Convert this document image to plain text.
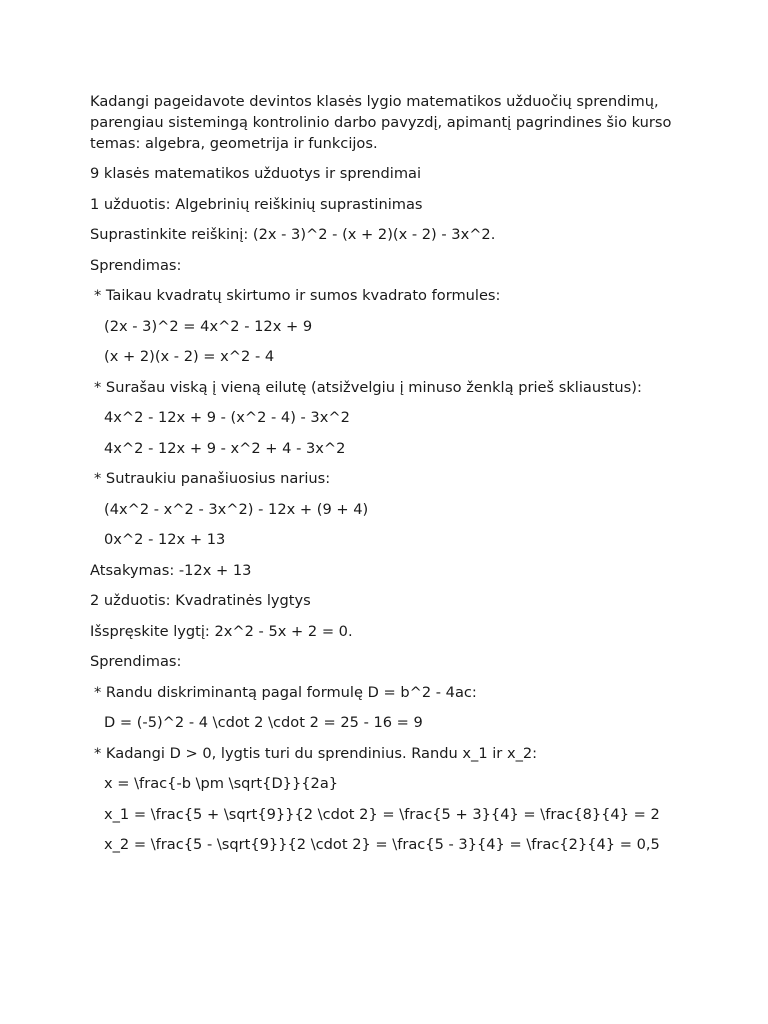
Kadangi pageidavote devintos klasės lygio matematikos užduočių sprendimų, parengiau sistemingą kontrolinio darbo pavyzdį, apimantį pagrindines šio kurso temas: algebra, geometrija ir funkcijos.

9 klasės matematikos užduotys ir sprendimai

1 užduotis: Algebrinių reiškinių suprastinimas

Suprastinkite reiškinį: (2x - 3)^2 - (x + 2)(x - 2) - 3x^2.

Sprendimas:

* Taikau kvadratų skirtumo ir sumos kvadrato formules:

(2x - 3)^2 = 4x^2 - 12x + 9

(x + 2)(x - 2) = x^2 - 4

* Surašau viską į vieną eilutę (atsižvelgiu į minuso ženklą prieš skliaustus):

4x^2 - 12x + 9 - (x^2 - 4) - 3x^2

4x^2 - 12x + 9 - x^2 + 4 - 3x^2

* Sutraukiu panašiuosius narius:

(4x^2 - x^2 - 3x^2) - 12x + (9 + 4)

0x^2 - 12x + 13

Atsakymas: -12x + 13

2 užduotis: Kvadratinės lygtys

Išspręskite lygtį: 2x^2 - 5x + 2 = 0.

Sprendimas:

* Randu diskriminantą pagal formulę D = b^2 - 4ac:

D = (-5)^2 - 4 \cdot 2 \cdot 2 = 25 - 16 = 9

* Kadangi D > 0, lygtis turi du sprendinius. Randu x_1 ir x_2:

x = \frac{-b \pm \sqrt{D}}{2a}

x_1 = \frac{5 + \sqrt{9}}{2 \cdot 2} = \frac{5 + 3}{4} = \frac{8}{4} = 2

x_2 = \frac{5 - \sqrt{9}}{2 \cdot 2} = \frac{5 - 3}{4} = \frac{2}{4} = 0,5
